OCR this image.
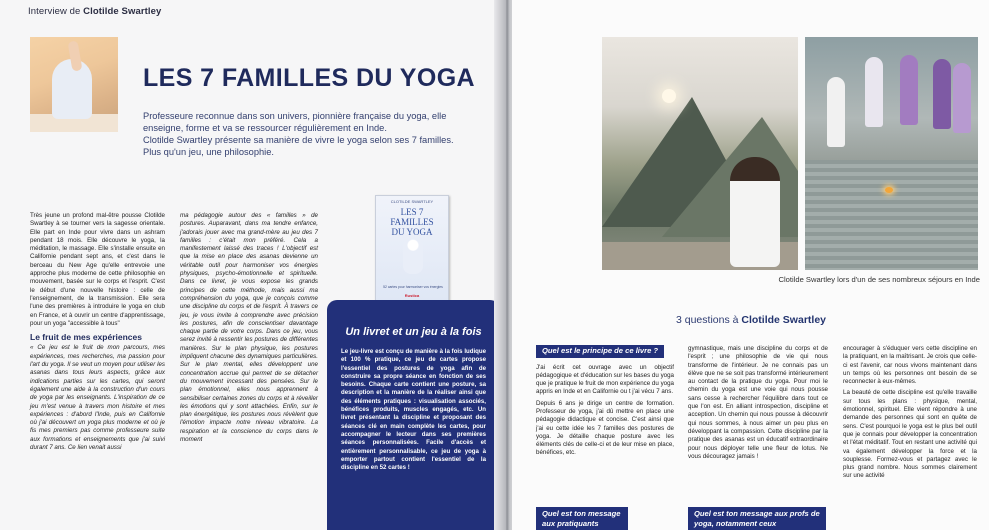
Interview de Clotilde Swartley
LES 7 FAMILLES DU YOGA

Professeure reconnue dans son univers, pionnière française du yoga, elle enseigne, forme et va se ressourcer régulièrement en Inde.

Clotilde Swartley présente sa manière de vivre le yoga selon ses 7 familles. Plus qu'un jeu, une philosophie.

Très jeune un profond mal-être pousse Clotilde Swartley à se tourner vers la sagesse orientale. Elle part en Inde pour vivre dans un ashram pendant 18 mois. Elle découvre le yoga, la méditation, le massage. Elle s'installe ensuite en Californie pendant sept ans, et c'est dans le berceau du New Age qu'elle entrevoie une approche plus moderne de cette philosophie en mouvement, basée sur le corps et l'esprit. C'est le début d'une nouvelle histoire : celle de l'enseignement, de la transmission. Elle sera l'une des premières à introduire le yoga en club en France, et à ouvrir un centre d'apprentissage, pour un yoga "accessible à tous"

Le fruit de mes expériences

« Ce jeu est le fruit de mon parcours, mes expériences, mes recherches, ma passion pour l'art du yoga. Il se veut un moyen pour utiliser les asanas dans tous leurs aspects, grâce aux indications parties sur les cartes, qui seront également une aide à la construction d'un cours de yoga par les enseignants. L'inspiration de ce jeu m'est venue à travers mon histoire et mes expériences : d'abord l'Inde, puis en Californie où j'ai découvert un yoga plus moderne et où je fis mes premiers pas comme professeure suite aux formations et enseignements que j'ai suivi durant 7 ans. Ce lien venait aussi

ma pédagogie autour des « familles » de postures. Auparavant, dans ma tendre enfance, j'adorais jouer avec ma grand-mère au jeu des 7 familles : c'était mon préféré. Cela a manifestement laissé des traces ! L'objectif est que la mise en place des asanas devienne un véritable outil pour harmoniser vos énergies physiques, psycho-émotionnelle et spirituelle. Dans ce livret, je vous expose les grands principes de cette méthode, mais aussi ma compréhension du yoga, que je conçois comme une discipline du corps et de l'esprit. À travers ce jeu, je vous invite à comprendre avec précision les postures, afin de conscientiser davantage chaque partie de votre corps. Dans ce jeu, vous serez invité à ressentir les postures de différentes manières. Sur le plan physique, les postures impliquent chacune des dynamiques particulières. Sur le plan mental, elles développent une concentration accrue qui permet de se détacher du mouvement incessant des pensées. Sur le plan émotionnel, elles nous apprennent à sensibiliser certaines zones du corps et à réveiller les émotions qui y sont attachées. Enfin, sur le plan énergétique, les postures nous révèlent que l'émotion impacte notre niveau vibratoire. La respiration et la conscience du corps dans le moment

CLOTILDE SWARTLEY
LES 7
FAMILLES
DU YOGA
52 cartes pour harmoniser vos énergies
Rustica
Un livret et un jeu à la fois
Le jeu-livre est conçu de manière à la fois ludique et 100 % pratique, ce jeu de cartes propose l'essentiel des postures de yoga afin de construire sa propre séance en fonction de ses besoins. Chaque carte contient une posture, sa description et la manière de la réaliser ainsi que des éléments pratiques : visualisation associés, bénéfices produits, muscles engagés, etc. Un livret présentant la discipline et proposant des séances clé en main complète les cartes, pour accompagner le lecteur dans ses premières séances personnalisées. Facile d'accès et entièrement personnalisable, ce jeu de yoga à emporter partout contient l'essentiel de la discipline en 52 cartes !
Clotilde Swartley lors d'un de ses nombreux séjours en Inde
3 questions à Clotilde Swartley
Quel est le principe de ce livre ?

J'ai écrit cet ouvrage avec un objectif pédagogique et d'éducation sur les bases du yoga que je pratique le fruit de mon expérience du yoga appris en Inde et en Californie ou t j'ai vécu 7 ans.

Depuis 6 ans je dirige un centre de formation. Professeur de yoga, j'ai dû mettre en place une pédagogie didactique et concise. C'est ainsi que j'ai eu cette idée les 7 familles des postures de yoga. Je détaille chaque posture avec les éléments clés de celle-ci et de leur mise en place, bénéfices, etc.

Quel est ton message aux pratiquants

gymnastique, mais une discipline du corps et de l'esprit ; une philosophie de vie qui nous transforme de l'intérieur. Je ne connais pas un élève que ne se soit pas transformé intérieurement au contact de la pratique du yoga. Pour moi le chemin du yoga est une voie qui nous pousse sans cesse à rechercher l'équilibre dans tout ce que l'on est. En alliant introspection, discipline et acception. Un chemin qui nous pousse à découvrir qui nous sommes, à nous aimer un peu plus en développant la compassion. Cette discipline par la pratique des asanas est un éducatif extraordinaire pour nous déployer telle une fleur de lotus. Ne vous découragez jamais !

Quel est ton message aux profs de yoga, notamment ceux

encourager à s'éduquer vers cette discipline en la pratiquant, en la maîtrisant. Je crois que celle-ci est l'avenir, car nous vivons maintenant dans un temps où les personnes ont besoin de se reconnecter à eux-mêmes.

La beauté de cette discipline est qu'elle travaille sur tous les plans : physique, mental, émotionnel, spirituel. Elle vient répondre à une demande des personnes qui sont en quête de sens. C'est pourquoi le yoga est le plus bel outil que je connais pour développer la concentration et l'état méditatif. Tout en restant une activité qui va également développer la force et la souplesse. Formez-vous et partagez avec le plus grand nombre. Nous sommes clairement sur une activité
